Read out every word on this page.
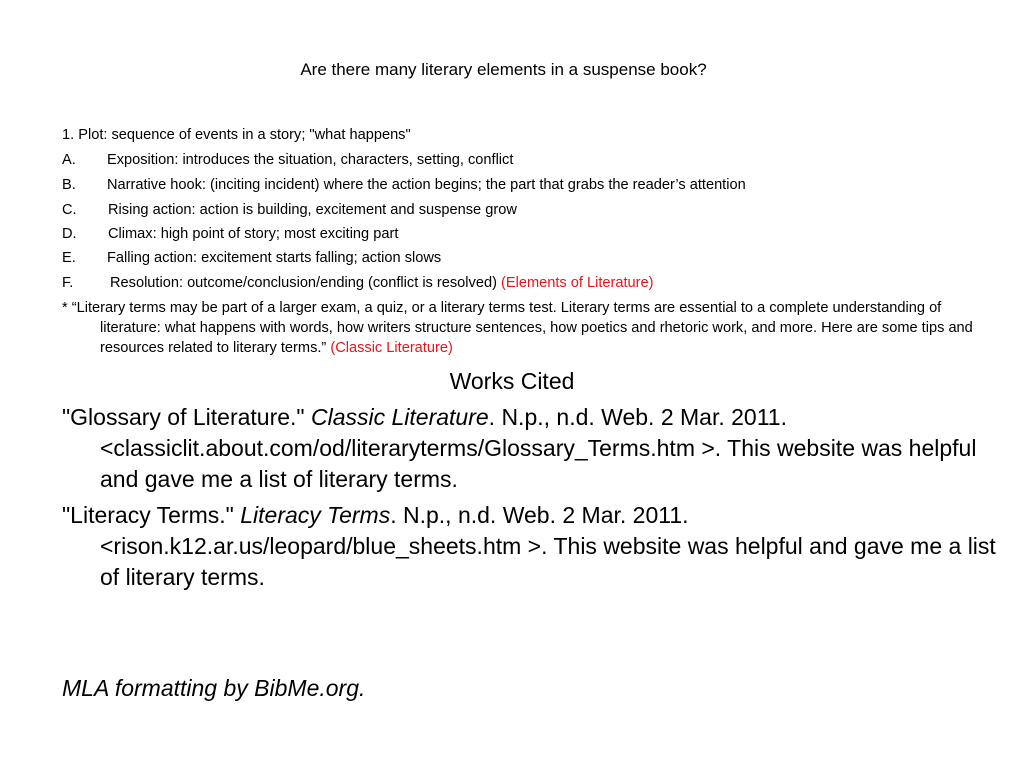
Are there many literary elements in a suspense book?
1. Plot: sequence of events in a story; "what happens"
A. Exposition: introduces the situation, characters, setting, conflict
B. Narrative hook: (inciting incident) where the action begins; the part that grabs the reader’s attention
C. Rising action: action is building, excitement and suspense grow
D. Climax: high point of story; most exciting part
E. Falling action: excitement starts falling; action slows
F.	Resolution: outcome/conclusion/ending (conflict is resolved) (Elements of Literature)
* “Literary terms may be part of a larger exam, a quiz, or a literary terms test. Literary terms are essential to a complete understanding of literature: what happens with words, how writers structure sentences, how poetics and rhetoric work, and more. Here are some tips and resources related to literary terms.” (Classic Literature)
Works Cited
"Glossary of Literature." Classic Literature. N.p., n.d. Web. 2 Mar. 2011. <classiclit.about.com/od/literaryterms/Glossary_Terms.htm >. This website was helpful and gave me a list of literary terms.
"Literacy Terms." Literacy Terms. N.p., n.d. Web. 2 Mar. 2011. <rison.k12.ar.us/leopard/blue_sheets.htm >. This website was helpful and gave me a list of literary terms.
MLA formatting by BibMe.org.
